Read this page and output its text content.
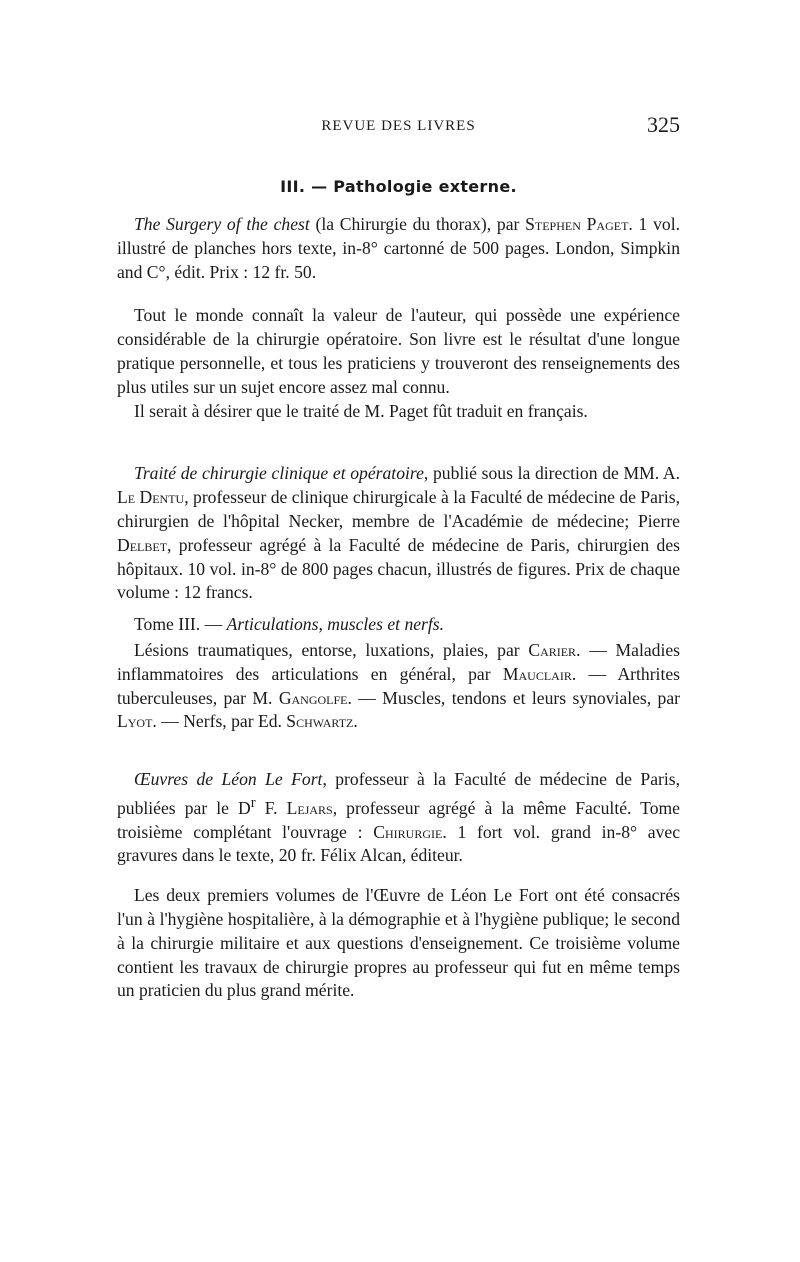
REVUE DES LIVRES	325
III. — Pathologie externe.

The Surgery of the chest (la Chirurgie du thorax), par Stephen Paget. 1 vol. illustré de planches hors texte, in-8° cartonné de 500 pages. London, Simpkin and C°, édit. Prix : 12 fr. 50.

Tout le monde connaît la valeur de l'auteur, qui possède une expérience considérable de la chirurgie opératoire. Son livre est le résultat d'une longue pratique personnelle, et tous les praticiens y trouveront des renseignements des plus utiles sur un sujet encore assez mal connu.

Il serait à désirer que le traité de M. Paget fût traduit en français.

Traité de chirurgie clinique et opératoire, publié sous la direction de MM. A. Le Dentu, professeur de clinique chirurgicale à la Faculté de médecine de Paris, chirurgien de l'hôpital Necker, membre de l'Académie de médecine; Pierre Delbet, professeur agrégé à la Faculté de médecine de Paris, chirurgien des hôpitaux. 10 vol. in-8° de 800 pages chacun, illustrés de figures. Prix de chaque volume : 12 francs.

Tome III. — Articulations, muscles et nerfs.

Lésions traumatiques, entorse, luxations, plaies, par Carier. — Maladies inflammatoires des articulations en général, par Mauclair. — Arthrites tuberculeuses, par M. Gangolfe. — Muscles, tendons et leurs synoviales, par Lyot. — Nerfs, par Ed. Schwartz.

Œuvres de Léon Le Fort, professeur à la Faculté de médecine de Paris, publiées par le $D^r$ F. Lejars, professeur agrégé à la même Faculté. Tome troisième complétant l'ouvrage : Chirurgie. 1 fort vol. grand in-8° avec gravures dans le texte, 20 fr. Félix Alcan, éditeur.

Les deux premiers volumes de l'Œuvre de Léon Le Fort ont été consacrés l'un à l'hygiène hospitalière, à la démographie et à l'hygiène publique; le second à la chirurgie militaire et aux questions d'enseignement. Ce troisième volume contient les travaux de chirurgie propres au professeur qui fut en même temps un praticien du plus grand mérite.
